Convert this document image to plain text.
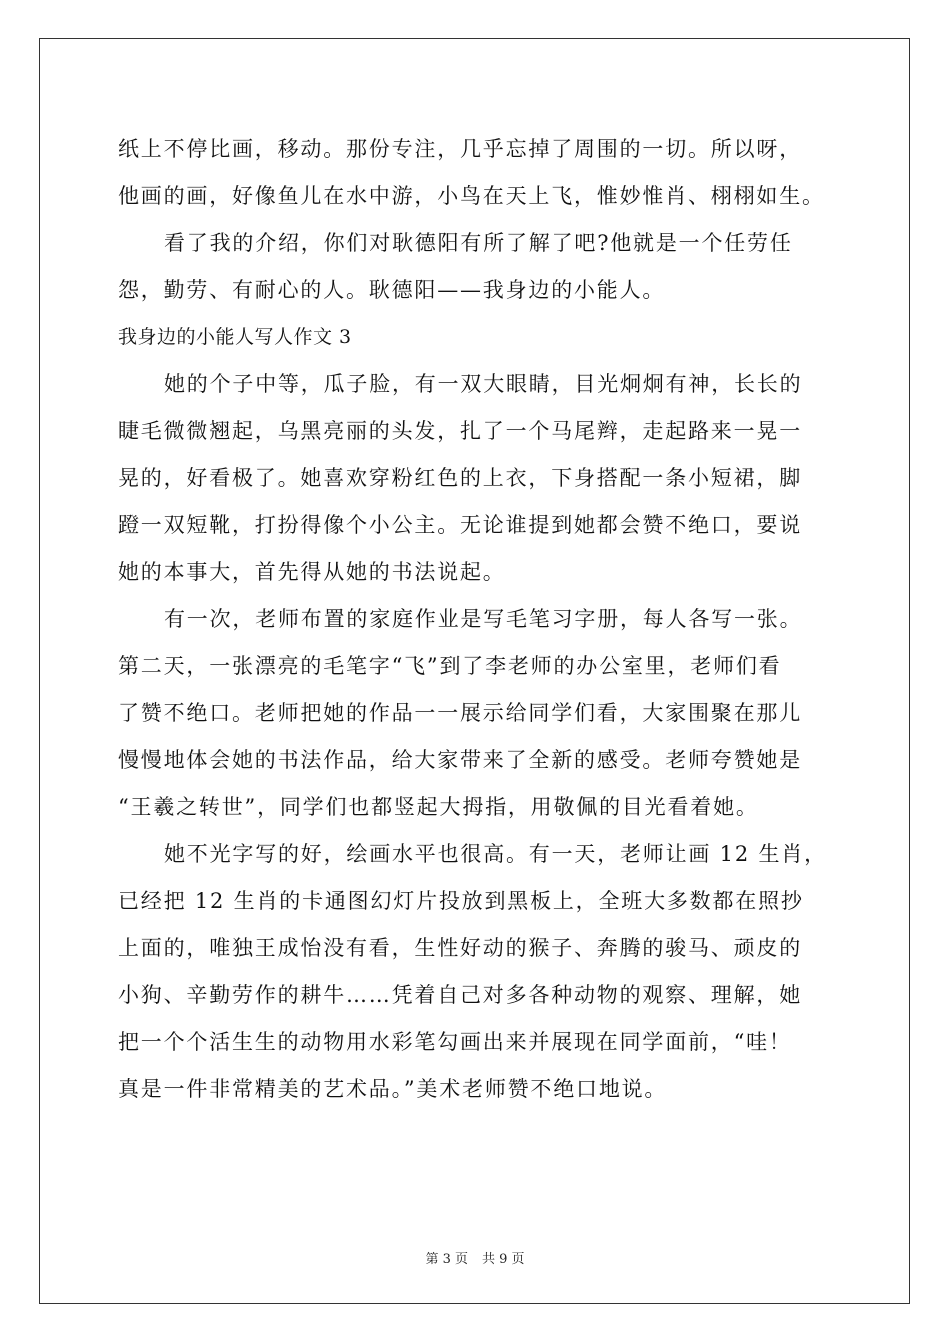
纸上不停比画，移动。那份专注，几乎忘掉了周围的一切。所以呀，
他画的画，好像鱼儿在水中游，小鸟在天上飞，惟妙惟肖、栩栩如生。
看了我的介绍，你们对耿德阳有所了解了吧?他就是一个任劳任
怨，勤劳、有耐心的人。耿德阳——我身边的小能人。
我身边的小能人写人作文 3
她的个子中等，瓜子脸，有一双大眼睛，目光炯炯有神，长长的
睫毛微微翘起，乌黑亮丽的头发，扎了一个马尾辫，走起路来一晃一
晃的，好看极了。她喜欢穿粉红色的上衣，下身搭配一条小短裙，脚
蹬一双短靴，打扮得像个小公主。无论谁提到她都会赞不绝口，要说
她的本事大，首先得从她的书法说起。
有一次，老师布置的家庭作业是写毛笔习字册，每人各写一张。
第二天，一张漂亮的毛笔字“飞”到了李老师的办公室里，老师们看
了赞不绝口。老师把她的作品一一展示给同学们看，大家围聚在那儿
慢慢地体会她的书法作品，给大家带来了全新的感受。老师夸赞她是
“王羲之转世”，同学们也都竖起大拇指，用敬佩的目光看着她。
她不光字写的好，绘画水平也很高。有一天，老师让画 12 生肖，
已经把 12 生肖的卡通图幻灯片投放到黑板上，全班大多数都在照抄
上面的，唯独王成怡没有看，生性好动的猴子、奔腾的骏马、顽皮的
小狗、辛勤劳作的耕牛……凭着自己对多各种动物的观察、理解，她
把一个个活生生的动物用水彩笔勾画出来并展现在同学面前，“哇！
真是一件非常精美的艺术品。”美术老师赞不绝口地说。
第 3 页 共 9 页
